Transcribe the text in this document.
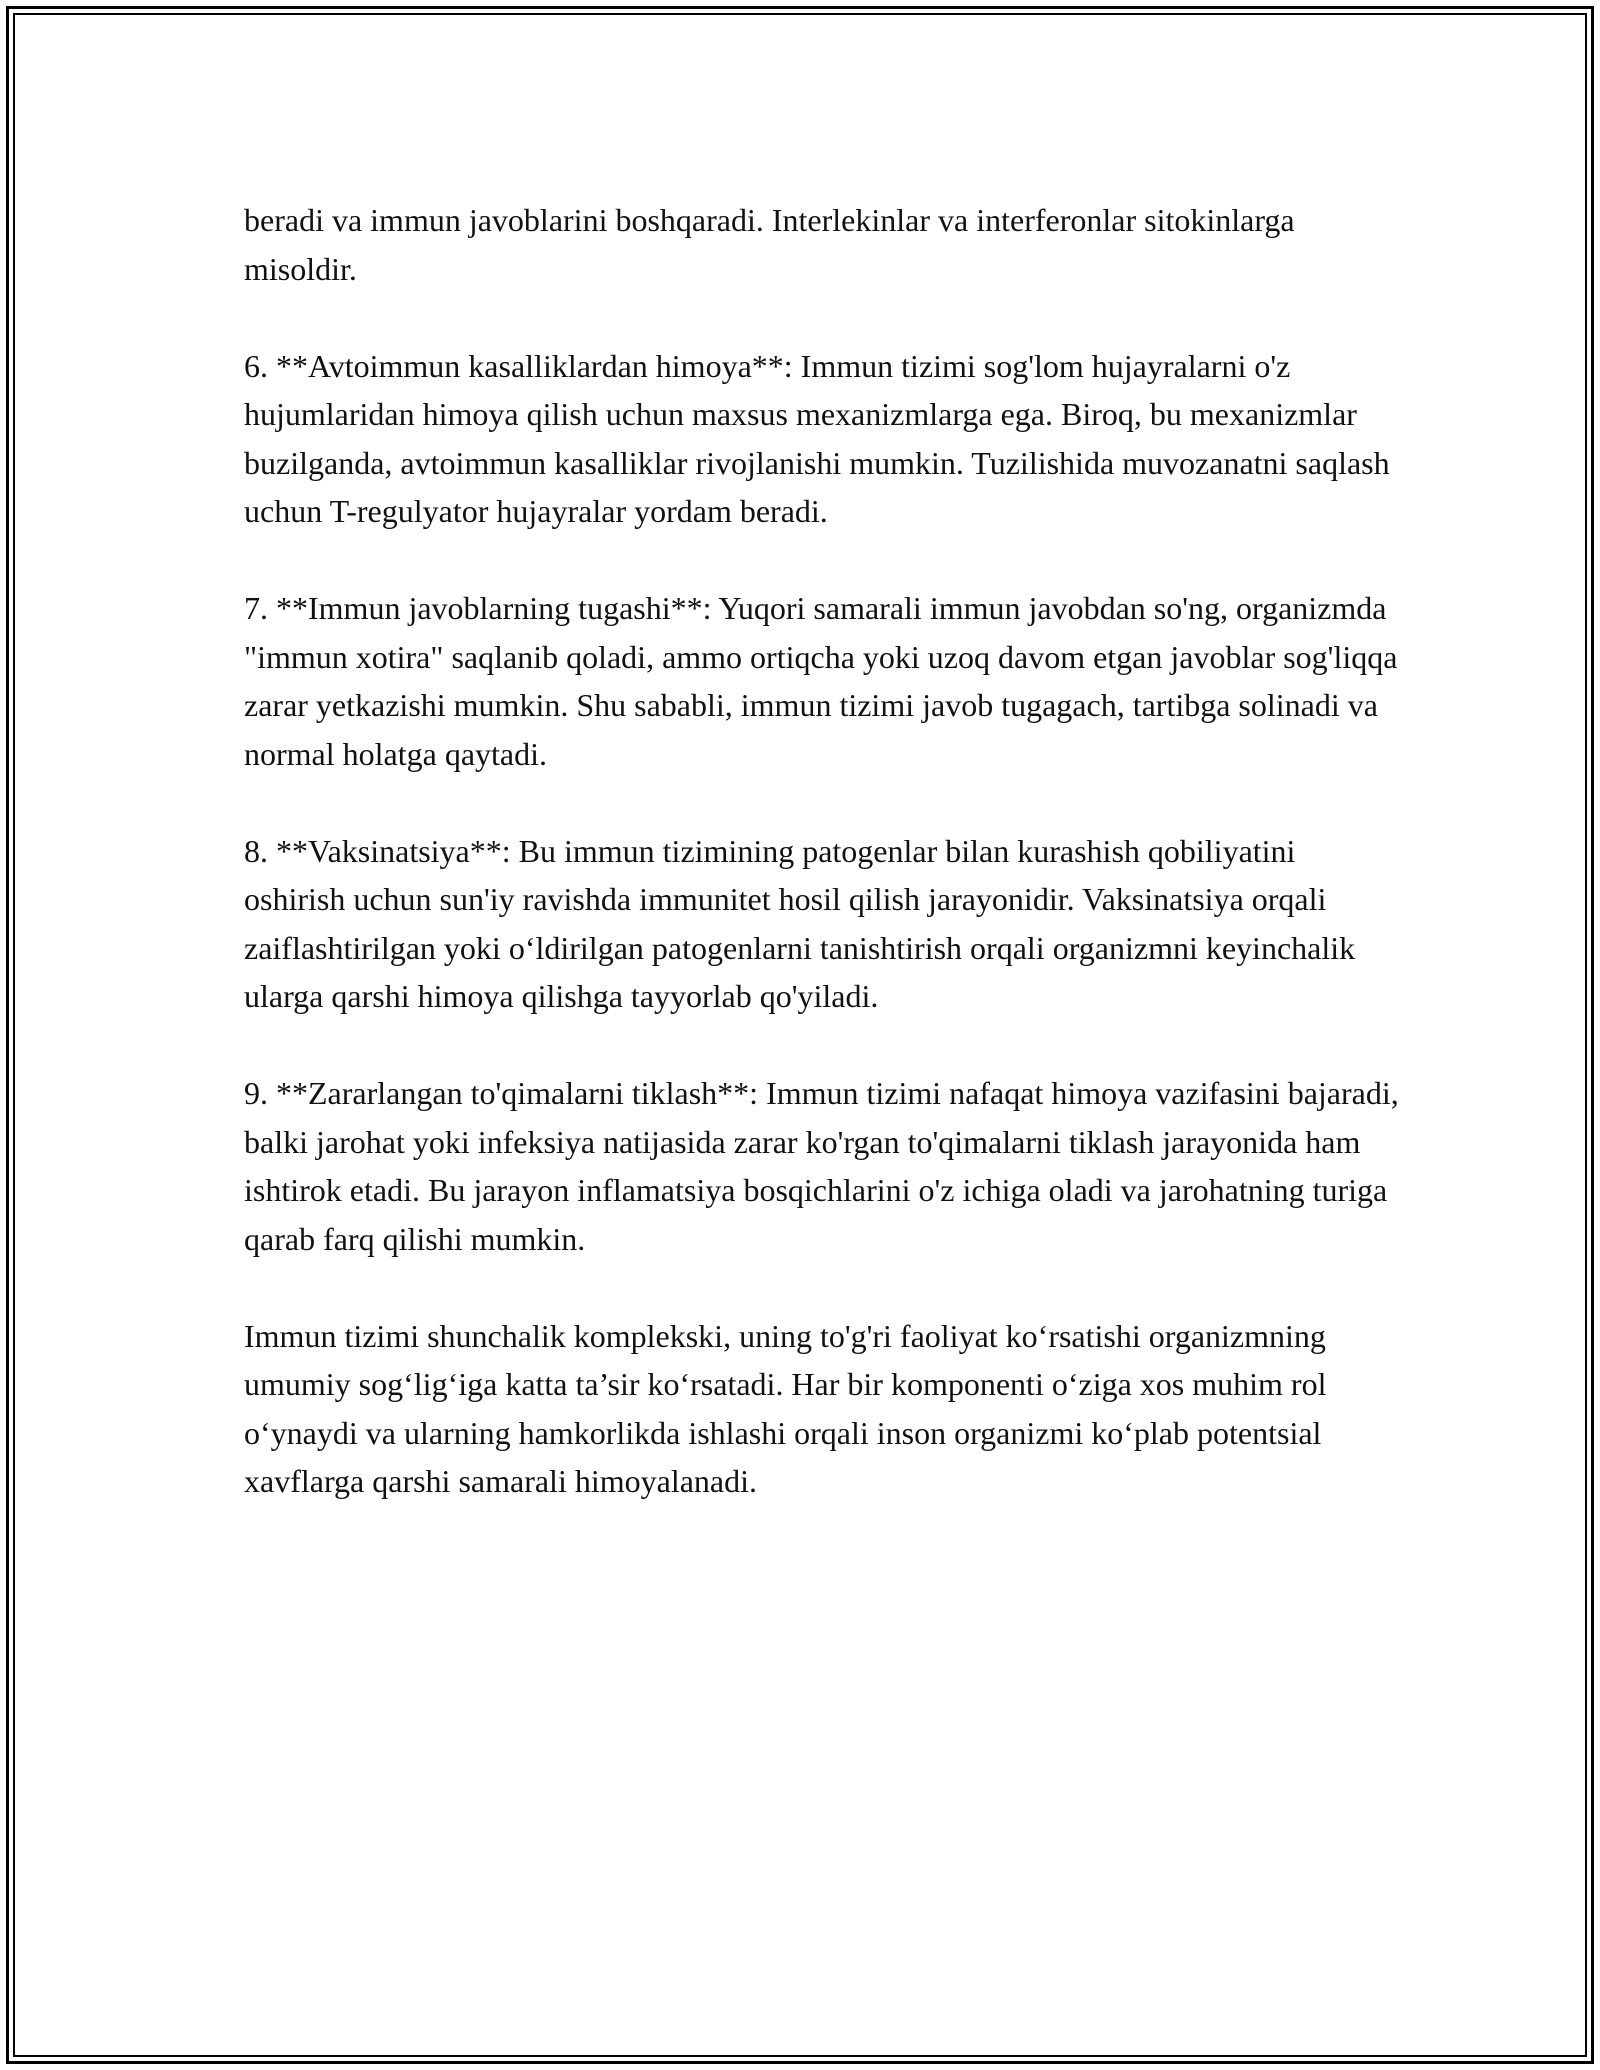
beradi va immun javoblarini boshqaradi. Interlekinlar va interferonlar sitokinlarga misoldir.

6. **Avtoimmun kasalliklardan himoya**: Immun tizimi sog'lom hujayralarni o'z hujumlaridan himoya qilish uchun maxsus mexanizmlarga ega. Biroq, bu mexanizmlar buzilganda, avtoimmun kasalliklar rivojlanishi mumkin. Tuzilishida muvozanatni saqlash uchun T-regulyator hujayralar yordam beradi.

7. **Immun javoblarning tugashi**: Yuqori samarali immun javobdan so'ng, organizmda "immun xotira" saqlanib qoladi, ammo ortiqcha yoki uzoq davom etgan javoblar sog'liqqa zarar yetkazishi mumkin. Shu sababli, immun tizimi javob tugagach, tartibga solinadi va normal holatga qaytadi.

8. **Vaksinatsiya**: Bu immun tizimining patogenlar bilan kurashish qobiliyatini oshirish uchun sun'iy ravishda immunitet hosil qilish jarayonidir. Vaksinatsiya orqali zaiflashtirilgan yoki o‘ldirilgan patogenlarni tanishtirish orqali organizmni keyinchalik ularga qarshi himoya qilishga tayyorlab qo'yiladi.

9. **Zararlangan to'qimalarni tiklash**: Immun tizimi nafaqat himoya vazifasini bajaradi, balki jarohat yoki infeksiya natijasida zarar ko'rgan to'qimalarni tiklash jarayonida ham ishtirok etadi. Bu jarayon inflamatsiya bosqichlarini o'z ichiga oladi va jarohatning turiga qarab farq qilishi mumkin.

Immun tizimi shunchalik komplekski, uning to'g'ri faoliyat ko‘rsatishi organizmning umumiy sog‘lig‘iga katta ta’sir ko‘rsatadi. Har bir komponenti o‘ziga xos muhim rol o‘ynaydi va ularning hamkorlikda ishlashi orqali inson organizmi ko‘plab potentsial xavflarga qarshi samarali himoyalanadi.
